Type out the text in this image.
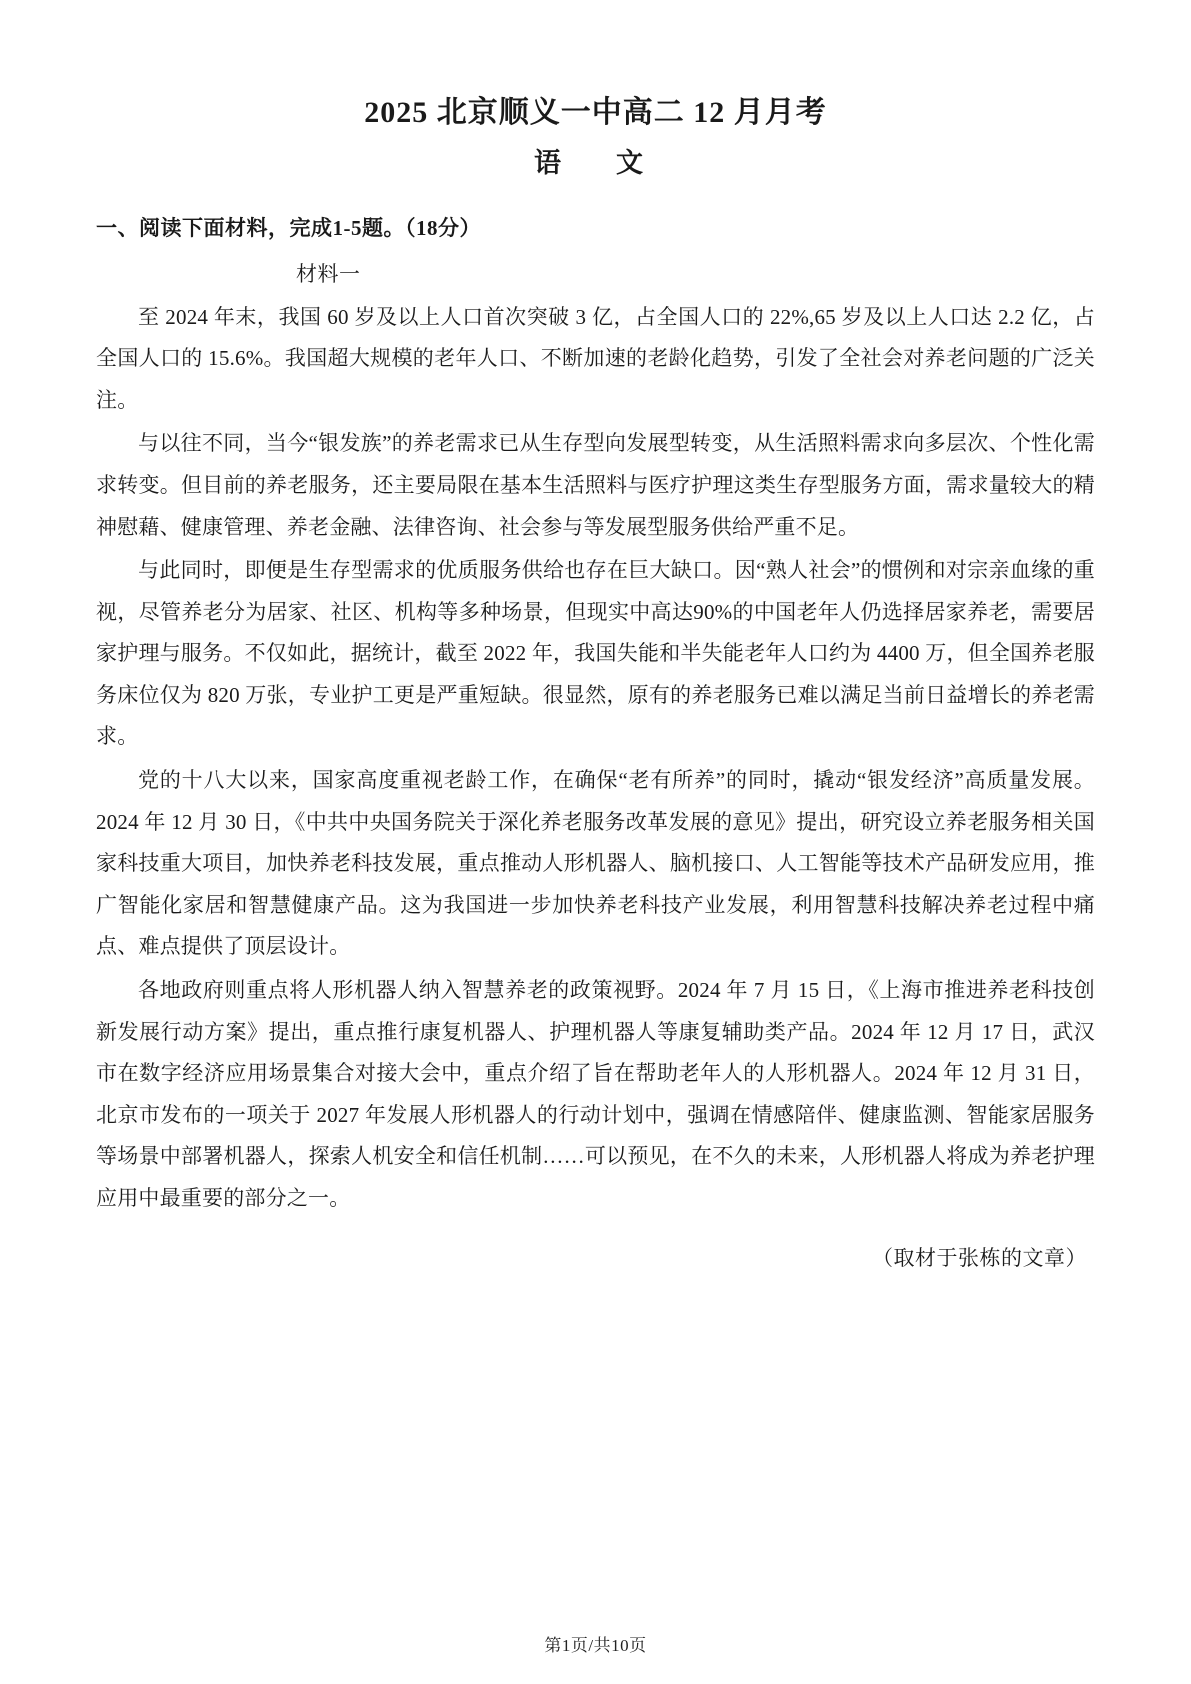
2025 北京顺义一中高二 12 月月考
语　文
一、阅读下面材料，完成1-5题。（18分）
材料一

至 2024 年末，我国 60 岁及以上人口首次突破 3 亿，占全国人口的 22%,65 岁及以上人口达 2.2 亿，占全国人口的 15.6%。我国超大规模的老年人口、不断加速的老龄化趋势，引发了全社会对养老问题的广泛关注。

与以往不同，当今“银发族”的养老需求已从生存型向发展型转变，从生活照料需求向多层次、个性化需求转变。但目前的养老服务，还主要局限在基本生活照料与医疗护理这类生存型服务方面，需求量较大的精神慰藉、健康管理、养老金融、法律咨询、社会参与等发展型服务供给严重不足。

与此同时，即便是生存型需求的优质服务供给也存在巨大缺口。因“熟人社会”的惯例和对宗亲血缘的重视，尽管养老分为居家、社区、机构等多种场景，但现实中高达90%的中国老年人仍选择居家养老，需要居家护理与服务。不仅如此，据统计，截至 2022 年，我国失能和半失能老年人口约为 4400 万，但全国养老服务床位仅为 820 万张，专业护工更是严重短缺。很显然，原有的养老服务已难以满足当前日益增长的养老需求。

党的十八大以来，国家高度重视老龄工作，在确保“老有所养”的同时，撬动“银发经济”高质量发展。2024 年 12 月 30 日，《中共中央国务院关于深化养老服务改革发展的意见》提出，研究设立养老服务相关国家科技重大项目，加快养老科技发展，重点推动人形机器人、脑机接口、人工智能等技术产品研发应用，推广智能化家居和智慧健康产品。这为我国进一步加快养老科技产业发展，利用智慧科技解决养老过程中痛点、难点提供了顶层设计。

各地政府则重点将人形机器人纳入智慧养老的政策视野。2024 年 7 月 15 日，《上海市推进养老科技创新发展行动方案》提出，重点推行康复机器人、护理机器人等康复辅助类产品。2024 年 12 月 17 日，武汉市在数字经济应用场景集合对接大会中，重点介绍了旨在帮助老年人的人形机器人。2024 年 12 月 31 日，北京市发布的一项关于 2027 年发展人形机器人的行动计划中，强调在情感陪伴、健康监测、智能家居服务等场景中部署机器人，探索人机安全和信任机制……可以预见，在不久的未来，人形机器人将成为养老护理应用中最重要的部分之一。

（取材于张栋的文章）
第1页/共10页
